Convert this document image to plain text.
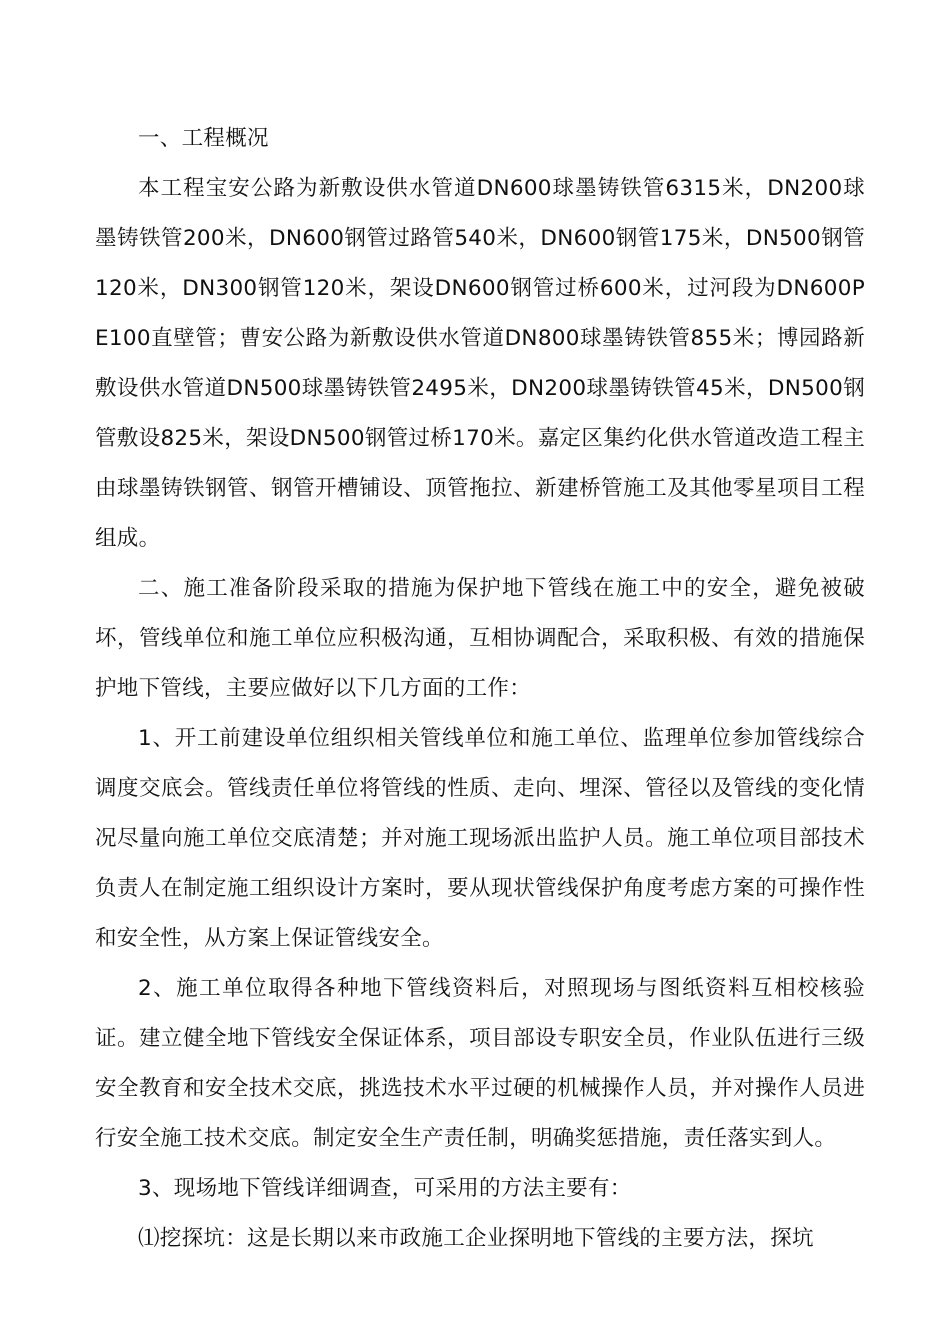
一、工程概况

本工程宝安公路为新敷设供水管道DN600球墨铸铁管6315米，DN200球墨铸铁管200米，DN600钢管过路管540米，DN600钢管175米，DN500钢管120米，DN300钢管120米，架设DN600钢管过桥600米，过河段为DN600PE100直壁管；曹安公路为新敷设供水管道DN800球墨铸铁管855米；博园路新敷设供水管道DN500球墨铸铁管2495米，DN200球墨铸铁管45米，DN500钢管敷设825米，架设DN500钢管过桥170米。嘉定区集约化供水管道改造工程主由球墨铸铁钢管、钢管开槽铺设、顶管拖拉、新建桥管施工及其他零星项目工程组成。

二、施工准备阶段采取的措施为保护地下管线在施工中的安全，避免被破坏，管线单位和施工单位应积极沟通，互相协调配合，采取积极、有效的措施保护地下管线，主要应做好以下几方面的工作：

1、开工前建设单位组织相关管线单位和施工单位、监理单位参加管线综合调度交底会。管线责任单位将管线的性质、走向、埋深、管径以及管线的变化情况尽量向施工单位交底清楚；并对施工现场派出监护人员。施工单位项目部技术负责人在制定施工组织设计方案时，要从现状管线保护角度考虑方案的可操作性和安全性，从方案上保证管线安全。

2、施工单位取得各种地下管线资料后，对照现场与图纸资料互相校核验证。建立健全地下管线安全保证体系，项目部设专职安全员，作业队伍进行三级安全教育和安全技术交底，挑选技术水平过硬的机械操作人员，并对操作人员进行安全施工技术交底。制定安全生产责任制，明确奖惩措施，责任落实到人。

3、现场地下管线详细调查，可采用的方法主要有：

⑴挖探坑：这是长期以来市政施工企业探明地下管线的主要方法，探坑
